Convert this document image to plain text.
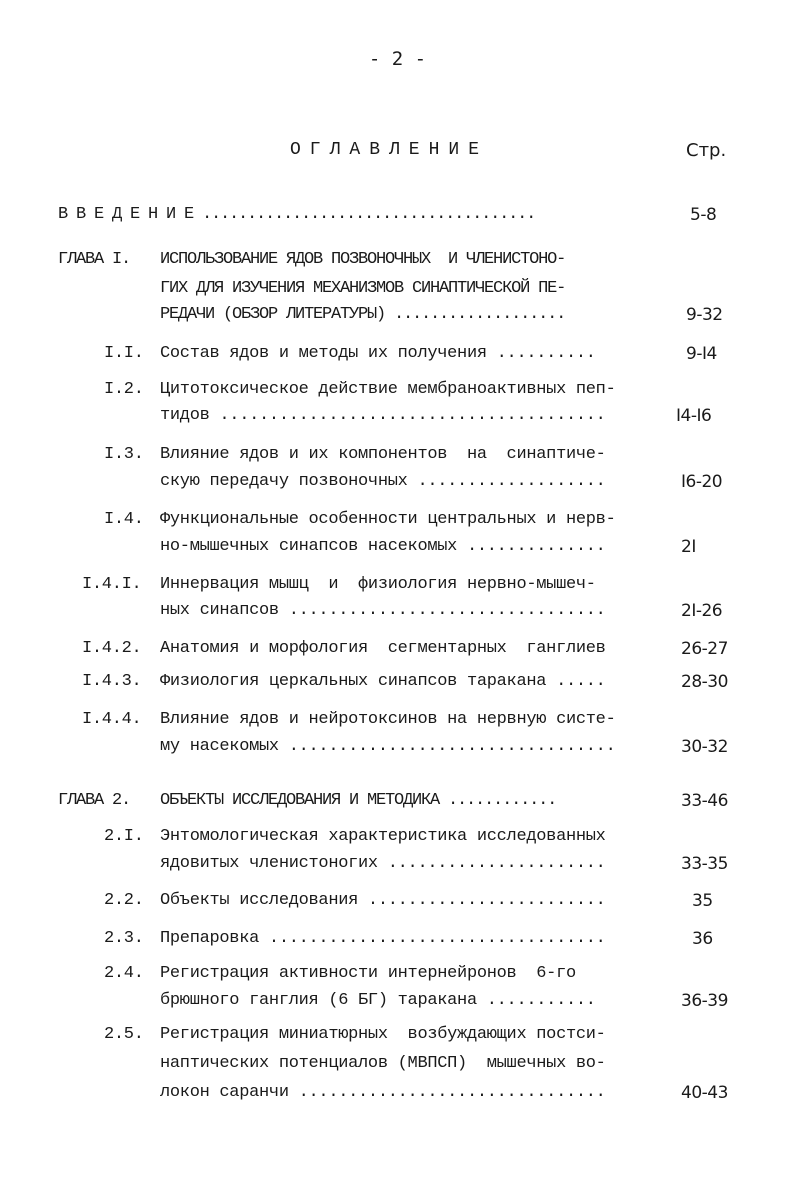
- 2 -
ОГЛАВЛЕНИЕ	Стр.
В В Е Д Е Н И Е .....................................	5-8
ГЛАВА I. ИСПОЛЬЗОВАНИЕ ЯДОВ ПОЗВОНОЧНЫХ  И ЧЛЕНИСТОНО-
ГИХ ДЛЯ ИЗУЧЕНИЯ МЕХАНИЗМОВ СИНАПТИЧЕСКОЙ ПЕ-
РЕДАЧИ (ОБЗОР ЛИТЕРАТУРЫ) ...................	9-32
I.I. Состав ядов и методы их получения ..........	9-I4
I.2. Цитотоксическое действие мембраноактивных пеп-
тидов .......................................	I4-I6
I.3. Влияние ядов и их компонентов  на  синаптиче-
скую передачу позвоночных ...................	I6-20
I.4. Функциональные особенности центральных и нерв-
но-мышечных синапсов насекомых ..............	2I
I.4.I. Иннервация мышц  и  физиология нервно-мышеч-
ных синапсов ................................	2I-26
I.4.2. Анатомия и морфология  сегментарных  ганглиев	26-27
I.4.3. Физиология церкальных синапсов таракана .....	28-30
I.4.4. Влияние ядов и нейротоксинов на нервную систе-
му насекомых .................................	30-32
ГЛАВА 2. ОБЪЕКТЫ ИССЛЕДОВАНИЯ И МЕТОДИКА ............	33-46
2.I. Энтомологическая характеристика исследованных
ядовитых членистоногих ......................	33-35
2.2. Объекты исследования ........................	35
2.3. Препаровка ..................................	36
2.4. Регистрация активности интернейронов  6-го
брюшного ганглия (6 БГ) таракана ...........	36-39
2.5. Регистрация миниатюрных  возбуждающих постси-
наптических потенциалов (МВПСП)  мышечных во-
локон саранчи ...............................	40-43
